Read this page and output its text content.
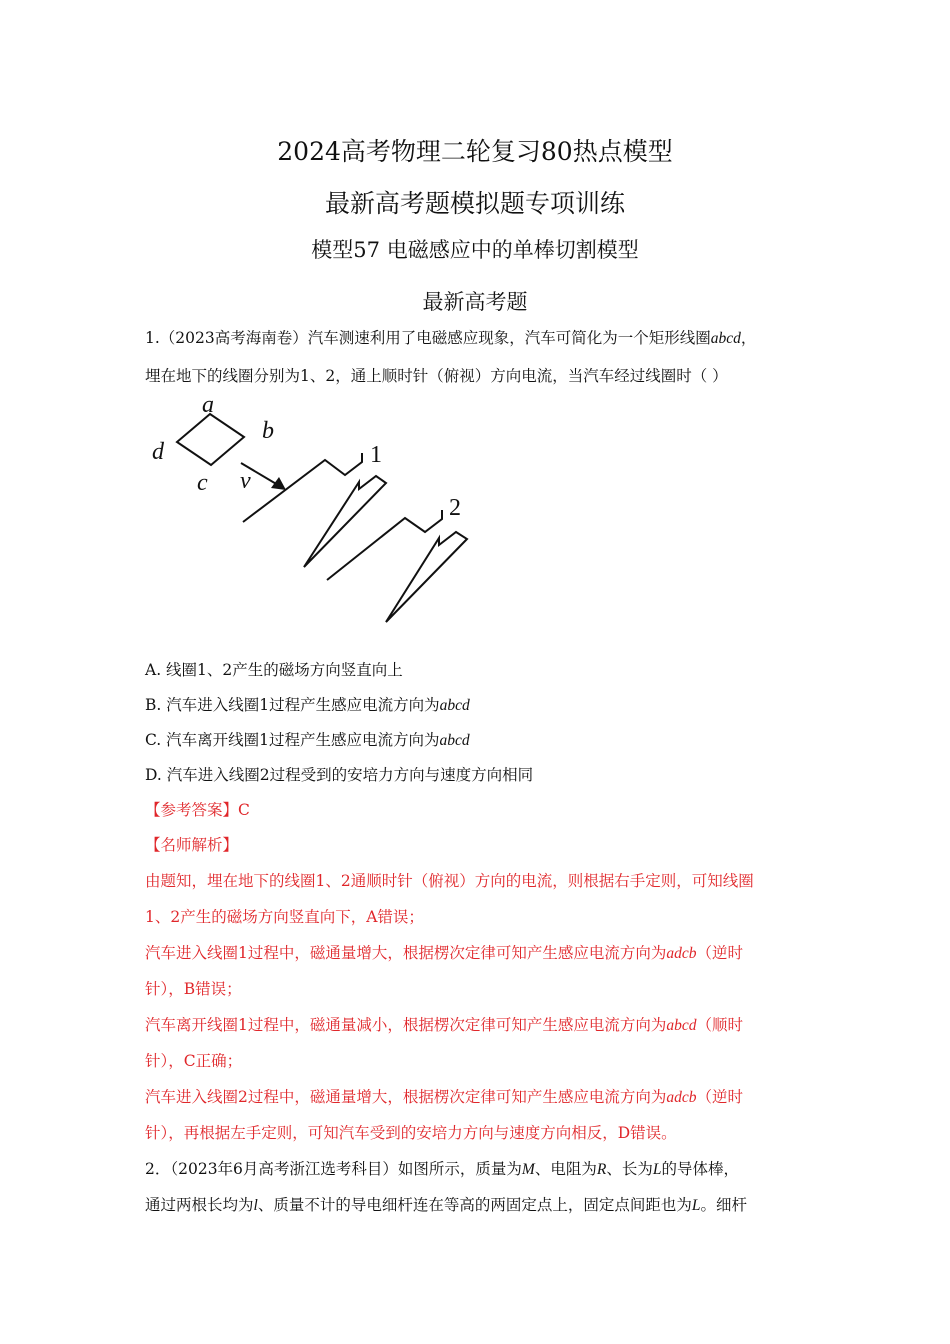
2024高考物理二轮复习80热点模型
最新高考题模拟题专项训练
模型57 电磁感应中的单棒切割模型
最新高考题
1.（2023高考海南卷）汽车测速利用了电磁感应现象，汽车可简化为一个矩形线圈abcd，
埋在地下的线圈分别为1、2，通上顺时针（俯视）方向电流，当汽车经过线圈时（ ）
a
b
c
d
v
1
2
A. 线圈1、2产生的磁场方向竖直向上
B. 汽车进入线圈1过程产生感应电流方向为abcd
C. 汽车离开线圈1过程产生感应电流方向为abcd
D. 汽车进入线圈2过程受到的安培力方向与速度方向相同
【参考答案】C
【名师解析】
由题知，埋在地下的线圈1、2通顺时针（俯视）方向的电流，则根据右手定则，可知线圈
1、2产生的磁场方向竖直向下，A错误；
汽车进入线圈1过程中，磁通量增大，根据楞次定律可知产生感应电流方向为adcb（逆时
针），B错误；
汽车离开线圈1过程中，磁通量减小，根据楞次定律可知产生感应电流方向为abcd（顺时
针），C正确；
汽车进入线圈2过程中，磁通量增大，根据楞次定律可知产生感应电流方向为adcb（逆时
针），再根据左手定则，可知汽车受到的安培力方向与速度方向相反，D错误。
2．（2023年6月高考浙江选考科目）如图所示，质量为M、电阻为R、长为L的导体棒，
通过两根长均为l、质量不计的导电细杆连在等高的两固定点上，固定点间距也为L。细杆
